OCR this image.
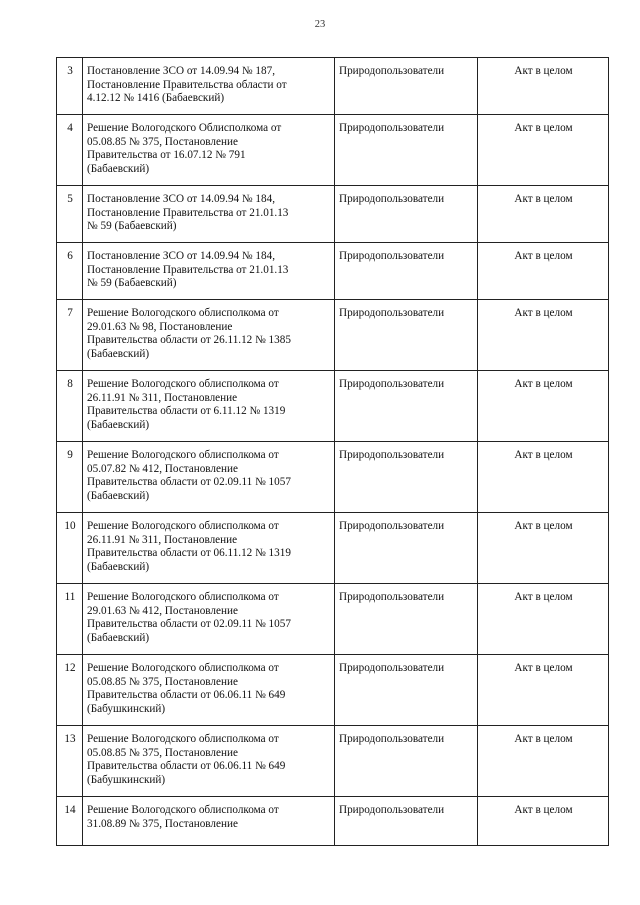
23
3	Постановление ЗСО от 14.09.94 № 187,
Постановление Правительства области от
4.12.12 № 1416 (Бабаевский)	Природопользователи	Акт в целом
4	Решение Вологодского Облисполкома от
05.08.85 № 375, Постановление
Правительства от 16.07.12 № 791
(Бабаевский)	Природопользователи	Акт в целом
5	Постановление ЗСО от 14.09.94 № 184,
Постановление Правительства от 21.01.13
№ 59 (Бабаевский)	Природопользователи	Акт в целом
6	Постановление ЗСО от 14.09.94 № 184,
Постановление Правительства от 21.01.13
№ 59 (Бабаевский)	Природопользователи	Акт в целом
7	Решение Вологодского облисполкома от
29.01.63 № 98, Постановление
Правительства области от 26.11.12 № 1385
(Бабаевский)	Природопользователи	Акт в целом
8	Решение Вологодского облисполкома от
26.11.91 № 311, Постановление
Правительства области от 6.11.12 № 1319
(Бабаевский)	Природопользователи	Акт в целом
9	Решение Вологодского облисполкома от
05.07.82 № 412, Постановление
Правительства области от 02.09.11 № 1057
(Бабаевский)	Природопользователи	Акт в целом
10	Решение Вологодского облисполкома от
26.11.91 № 311, Постановление
Правительства области от 06.11.12 № 1319
(Бабаевский)	Природопользователи	Акт в целом
11	Решение Вологодского облисполкома от
29.01.63 № 412, Постановление
Правительства области от 02.09.11 № 1057
(Бабаевский)	Природопользователи	Акт в целом
12	Решение Вологодского облисполкома от
05.08.85 № 375, Постановление
Правительства области от 06.06.11 № 649
(Бабушкинский)	Природопользователи	Акт в целом
13	Решение Вологодского облисполкома от
05.08.85 № 375, Постановление
Правительства области от 06.06.11 № 649
(Бабушкинский)	Природопользователи	Акт в целом
14	Решение Вологодского облисполкома от
31.08.89 № 375, Постановление	Природопользователи	Акт в целом
